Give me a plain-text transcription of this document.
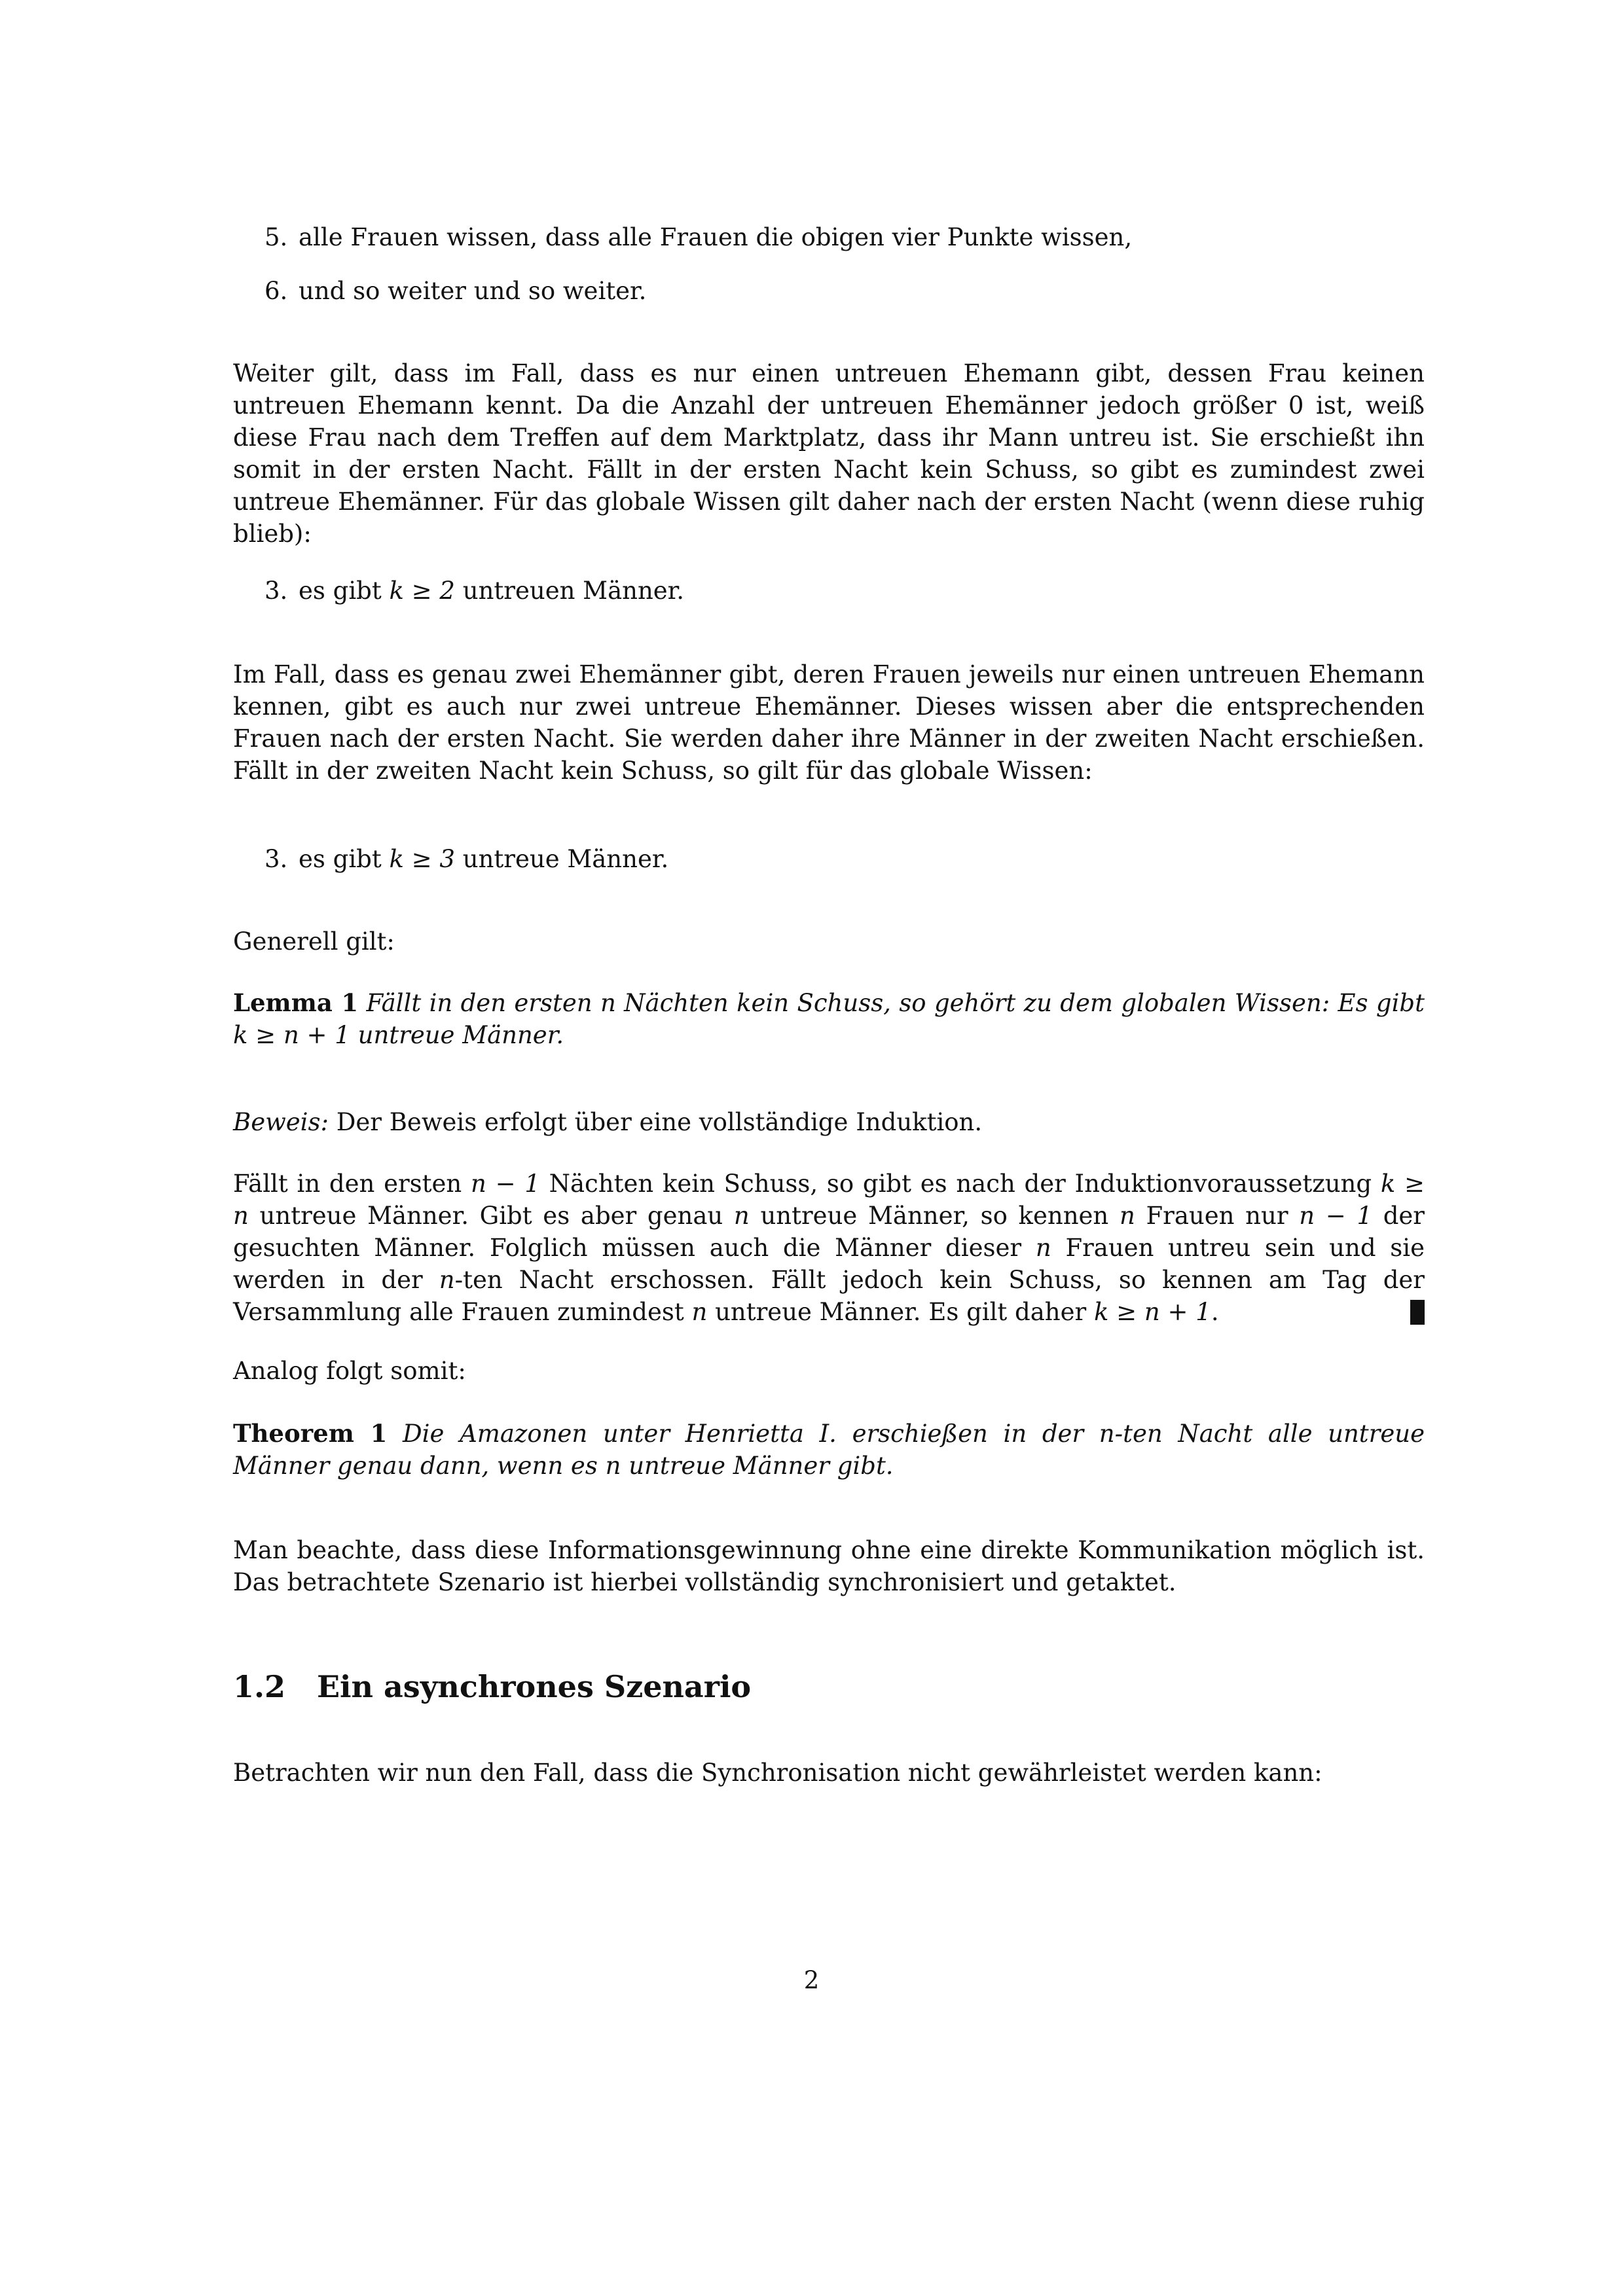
5. alle Frauen wissen, dass alle Frauen die obigen vier Punkte wissen,
6. und so weiter und so weiter.

Weiter gilt, dass im Fall, dass es nur einen untreuen Ehemann gibt, dessen Frau keinen untreuen Ehemann kennt. Da die Anzahl der untreuen Ehemänner jedoch größer 0 ist, weiß diese Frau nach dem Treffen auf dem Marktplatz, dass ihr Mann untreu ist. Sie erschießt ihn somit in der ersten Nacht. Fällt in der ersten Nacht kein Schuss, so gibt es zumindest zwei untreue Ehemänner. Für das globale Wissen gilt daher nach der ersten Nacht (wenn diese ruhig blieb):

3. es gibt k ≥ 2 untreuen Männer.

Im Fall, dass es genau zwei Ehemänner gibt, deren Frauen jeweils nur einen untreuen Ehemann kennen, gibt es auch nur zwei untreue Ehemänner. Dieses wissen aber die entsprechenden Frauen nach der ersten Nacht. Sie werden daher ihre Männer in der zweiten Nacht erschießen. Fällt in der zweiten Nacht kein Schuss, so gilt für das globale Wissen:

3. es gibt k ≥ 3 untreue Männer.

Generell gilt:

Lemma 1 Fällt in den ersten n Nächten kein Schuss, so gehört zu dem globalen Wissen: Es gibt k ≥ n + 1 untreue Männer.

Beweis: Der Beweis erfolgt über eine vollständige Induktion.

Fällt in den ersten n − 1 Nächten kein Schuss, so gibt es nach der Induktionvoraussetzung k ≥ n untreue Männer. Gibt es aber genau n untreue Männer, so kennen n Frauen nur n − 1 der gesuchten Männer. Folglich müssen auch die Männer dieser n Frauen untreu sein und sie werden in der n-ten Nacht erschossen. Fällt jedoch kein Schuss, so kennen am Tag der Versammlung alle Frauen zumindest n untreue Männer. Es gilt daher k ≥ n + 1.

Analog folgt somit:

Theorem 1 Die Amazonen unter Henrietta I. erschießen in der n-ten Nacht alle untreue Männer genau dann, wenn es n untreue Männer gibt.

Man beachte, dass diese Informationsgewinnung ohne eine direkte Kommunikation möglich ist. Das betrachtete Szenario ist hierbei vollständig synchronisiert und getaktet.

1.2 Ein asynchrones Szenario

Betrachten wir nun den Fall, dass die Synchronisation nicht gewährleistet werden kann:

2
